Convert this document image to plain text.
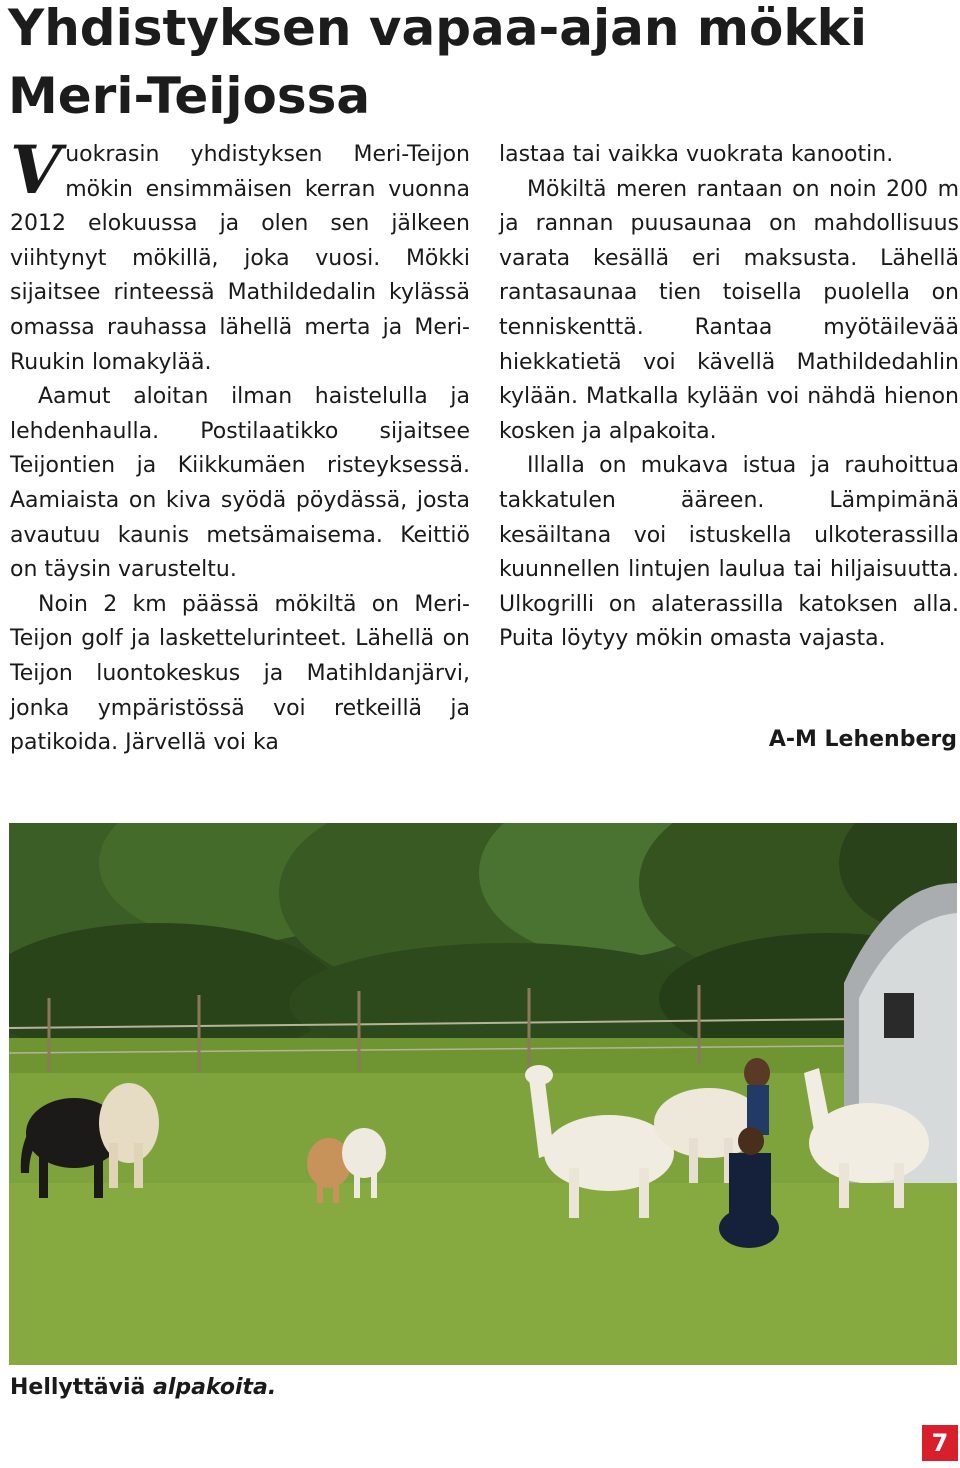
Yhdistyksen vapaa-ajan mökki
Meri-Teijossa

Vuokrasin yhdistyksen Meri-Teijon mökin ensimmäisen kerran vuonna 2012 elokuussa ja olen sen jälkeen viihtynyt mökillä, joka vuosi. Mökki sijaitsee rinteessä Mathildedalin kylässä omassa rauhassa lähellä merta ja Meri-Ruukin lomakylää.

Aamut aloitan ilman haistelulla ja lehdenhaulla. Postilaatikko sijaitsee Teijontien ja Kiikkumäen risteyksessä. Aamiaista on kiva syödä pöydässä, josta avautuu kaunis metsämaisema. Keittiö on täysin varusteltu.

Noin 2 km päässä mökiltä on Meri-Teijon golf ja laskettelurinteet. Lähellä on Teijon luontokeskus ja Matihldanjärvi, jonka ympäristössä voi retkeillä ja patikoida. Järvellä voi ka

lastaa tai vaikka vuokrata kanootin.

Mökiltä meren rantaan on noin 200 m ja rannan puusaunaa on mahdollisuus varata kesällä eri maksusta. Lähellä rantasaunaa tien toisella puolella on tenniskenttä. Rantaa myötäilevää hiekkatietä voi kävellä Mathildedahlin kylään. Matkalla kylään voi nähdä hienon kosken ja alpakoita.

Illalla on mukava istua ja rauhoittua takkatulen ääreen. Lämpimänä kesäiltana voi istuskella ulkoterassilla kuunnellen lintujen laulua tai hiljaisuutta. Ulkogrilli on alaterassilla katoksen alla. Puita löytyy mökin omasta vajasta.

A-M Lehenberg
Hellyttäviä alpakoita.
7
